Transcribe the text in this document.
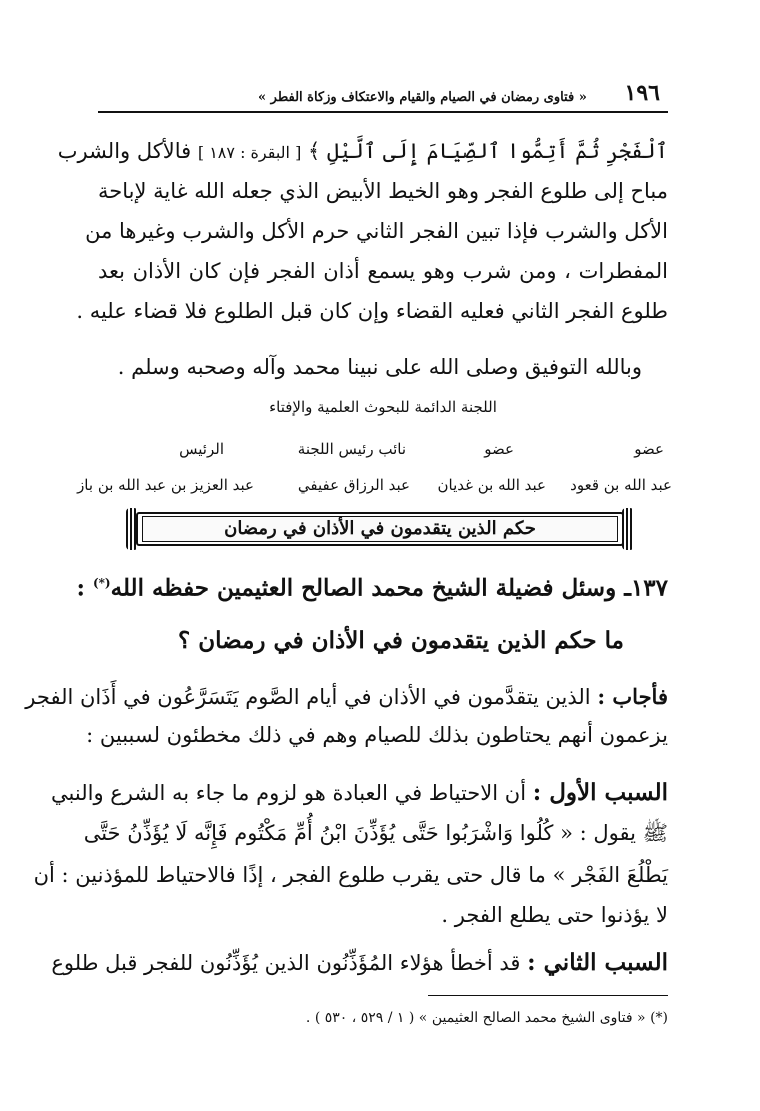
١٩٦
« فتاوى رمضان في الصيام والقيام والاعتكاف وزكاة الفطر »
ٱلْفَجْرِ ثُمَّ أَتِمُّوا ٱلصِّيَامَ إِلَى ٱلَّيْلِ ﴾ [ البقرة : ١٨٧ ] فالأكل والشرب
مباح إلى طلوع الفجر وهو الخيط الأبيض الذي جعله الله غاية لإباحة
الأكل والشرب فإذا تبين الفجر الثاني حرم الأكل والشرب وغيرها من
المفطرات ، ومن شرب وهو يسمع أذان الفجر فإن كان الأذان بعد
طلوع الفجر الثاني فعليه القضاء وإن كان قبل الطلوع فلا قضاء عليه .
وبالله التوفيق وصلى الله على نبينا محمد وآله وصحبه وسلم .
اللجنة الدائمة للبحوث العلمية والإفتاء
عضو
عضو
نائب رئيس اللجنة
الرئيس
عبد الله بن قعود
عبد الله بن غديان
عبد الرزاق عفيفي
عبد العزيز بن عبد الله بن باز
حكم الذين يتقدمون في الأذان في رمضان
١٣٧ـ وسئل فضيلة الشيخ محمد الصالح العثيمين حفظه الله(*) :
ما حكم الذين يتقدمون في الأذان في رمضان ؟
فأجاب : الذين يتقدَّمون في الأذان في أيام الصَّوم يَتَسَرَّعُون في أَذَان الفجر
يزعمون أنهم يحتاطون بذلك للصيام وهم في ذلك مخطئون لسببين :
السبب الأول : أن الاحتياط في العبادة هو لزوم ما جاء به الشرع والنبي
ﷺ يقول : « كُلُوا وَاشْرَبُوا حَتَّى يُؤَذِّنَ ابْنُ أُمِّ مَكْتُوم فَإِنَّه لَا يُؤَذِّنُ حَتَّى
يَطْلُعَ الفَجْر » ما قال حتى يقرب طلوع الفجر ، إذًا فالاحتياط للمؤذنين : أن
لا يؤذنوا حتى يطلع الفجر .
السبب الثاني : قد أخطأ هؤلاء المُؤَذِّنُون الذين يُؤَذِّنُون للفجر قبل طلوع
(*) « فتاوى الشيخ محمد الصالح العثيمين » ( ١ / ٥٢٩ ، ٥٣٠ ) .
